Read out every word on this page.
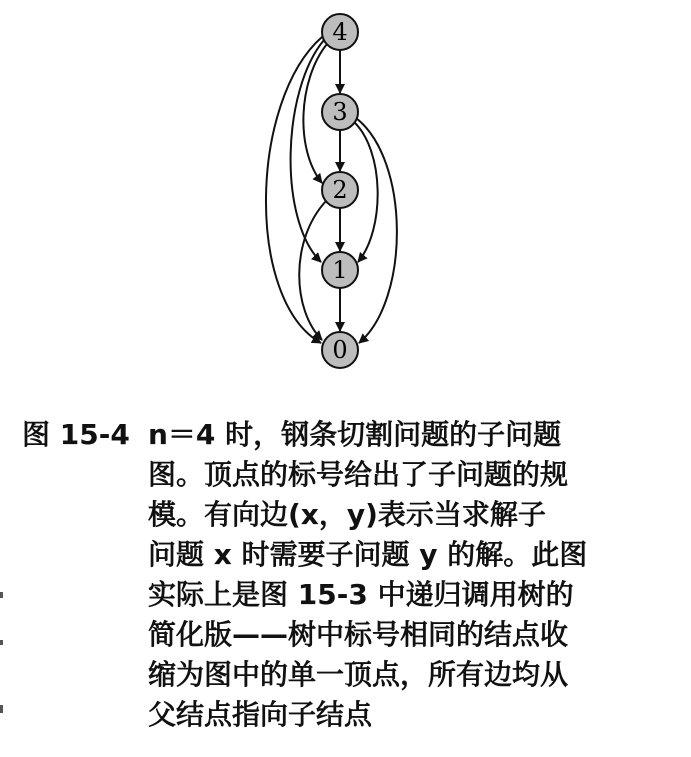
4
3
2
1
0
图 15-4 n＝4 时，钢条切割问题的子问题
图。顶点的标号给出了子问题的规
模。有向边(x，y)表示当求解子
问题 x 时需要子问题 y 的解。此图
实际上是图 15-3 中递归调用树的
简化版——树中标号相同的结点收
缩为图中的单一顶点，所有边均从
父结点指向子结点
